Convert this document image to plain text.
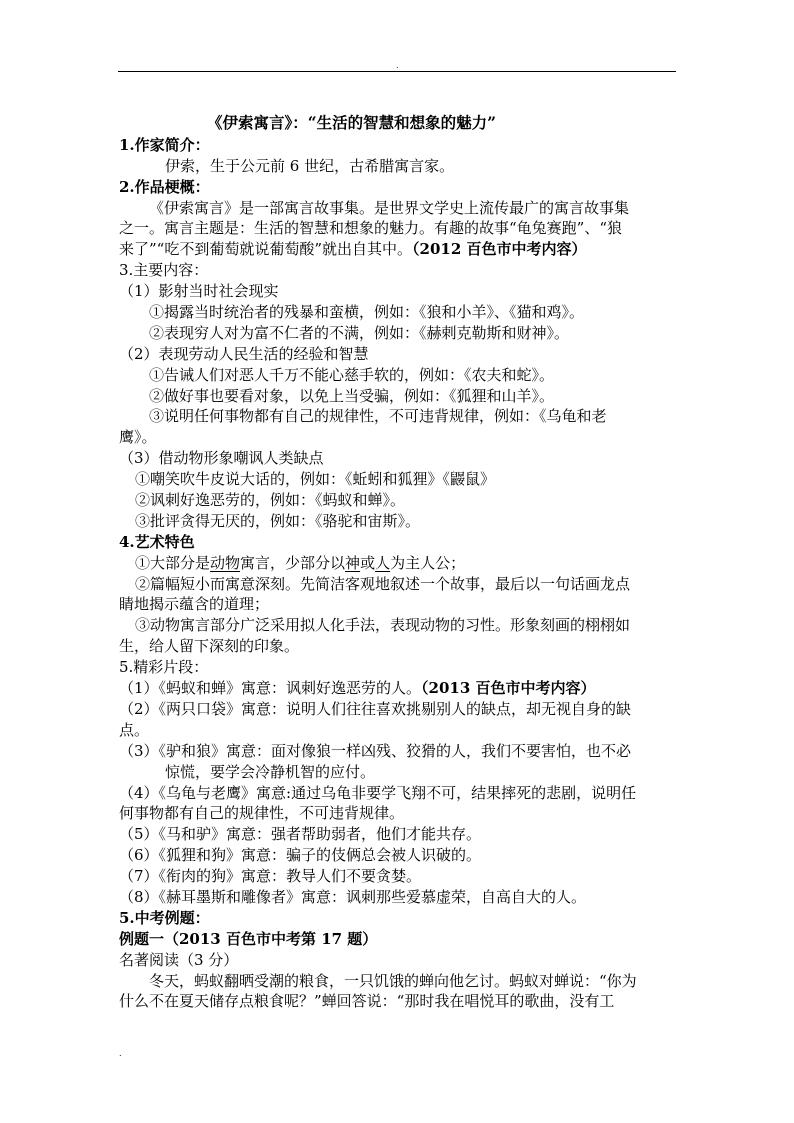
.
《伊索寓言》：“生活的智慧和想象的魅力”
1.作家简介：
伊索，生于公元前 6 世纪，古希腊寓言家。
2.作品梗概：
《伊索寓言》是一部寓言故事集。是世界文学史上流传最广的寓言故事集
之一。寓言主题是：生活的智慧和想象的魅力。有趣的故事“龟兔赛跑”、“狼
来了”“吃不到葡萄就说葡萄酸”就出自其中。（2012 百色市中考内容）
3.主要内容：
（1）影射当时社会现实
①揭露当时统治者的残暴和蛮横，例如：《狼和小羊》、《猫和鸡》。
②表现穷人对为富不仁者的不满，例如：《赫剌克勒斯和财神》。
（2）表现劳动人民生活的经验和智慧
①告诫人们对恶人千万不能心慈手软的，例如：《农夫和蛇》。
②做好事也要看对象，以免上当受骗，例如：《狐狸和山羊》。
③说明任何事物都有自己的规律性，不可违背规律，例如：《乌龟和老
鹰》。
（3）借动物形象嘲讽人类缺点
①嘲笑吹牛皮说大话的，例如：《蚯蚓和狐狸》《鼹鼠》
②讽刺好逸恶劳的，例如：《蚂蚁和蝉》。
③批评贪得无厌的，例如：《骆驼和宙斯》。
4.艺术特色
①大部分是动物寓言，少部分以神或人为主人公；
②篇幅短小而寓意深刻。先简洁客观地叙述一个故事，最后以一句话画龙点
睛地揭示蕴含的道理；
③动物寓言部分广泛采用拟人化手法，表现动物的习性。形象刻画的栩栩如
生，给人留下深刻的印象。
5.精彩片段：
（1）《蚂蚁和蝉》寓意：讽刺好逸恶劳的人。（2013 百色市中考内容）
（2）《两只口袋》寓意：说明人们往往喜欢挑剔别人的缺点，却无视自身的缺
点。
（3）《驴和狼》寓意：面对像狼一样凶残、狡猾的人，我们不要害怕，也不必
惊慌，要学会冷静机智的应付。
（4）《乌龟与老鹰》寓意:通过乌龟非要学飞翔不可，结果摔死的悲剧，说明任
何事物都有自己的规律性，不可违背规律。
（5）《马和驴》寓意：强者帮助弱者，他们才能共存。
（6）《狐狸和狗》寓意：骗子的伎俩总会被人识破的。
（7）《衔肉的狗》寓意：教导人们不要贪婪。
（8）《赫耳墨斯和雕像者》寓意：讽刺那些爱慕虚荣，自高自大的人。
5.中考例题：
例题一（2013 百色市中考第 17 题）
名著阅读（3 分）
冬天，蚂蚁翻晒受潮的粮食，一只饥饿的蝉向他乞讨。蚂蚁对蝉说：“你为
什么不在夏天储存点粮食呢？”蝉回答说：“那时我在唱悦耳的歌曲，没有工
.
